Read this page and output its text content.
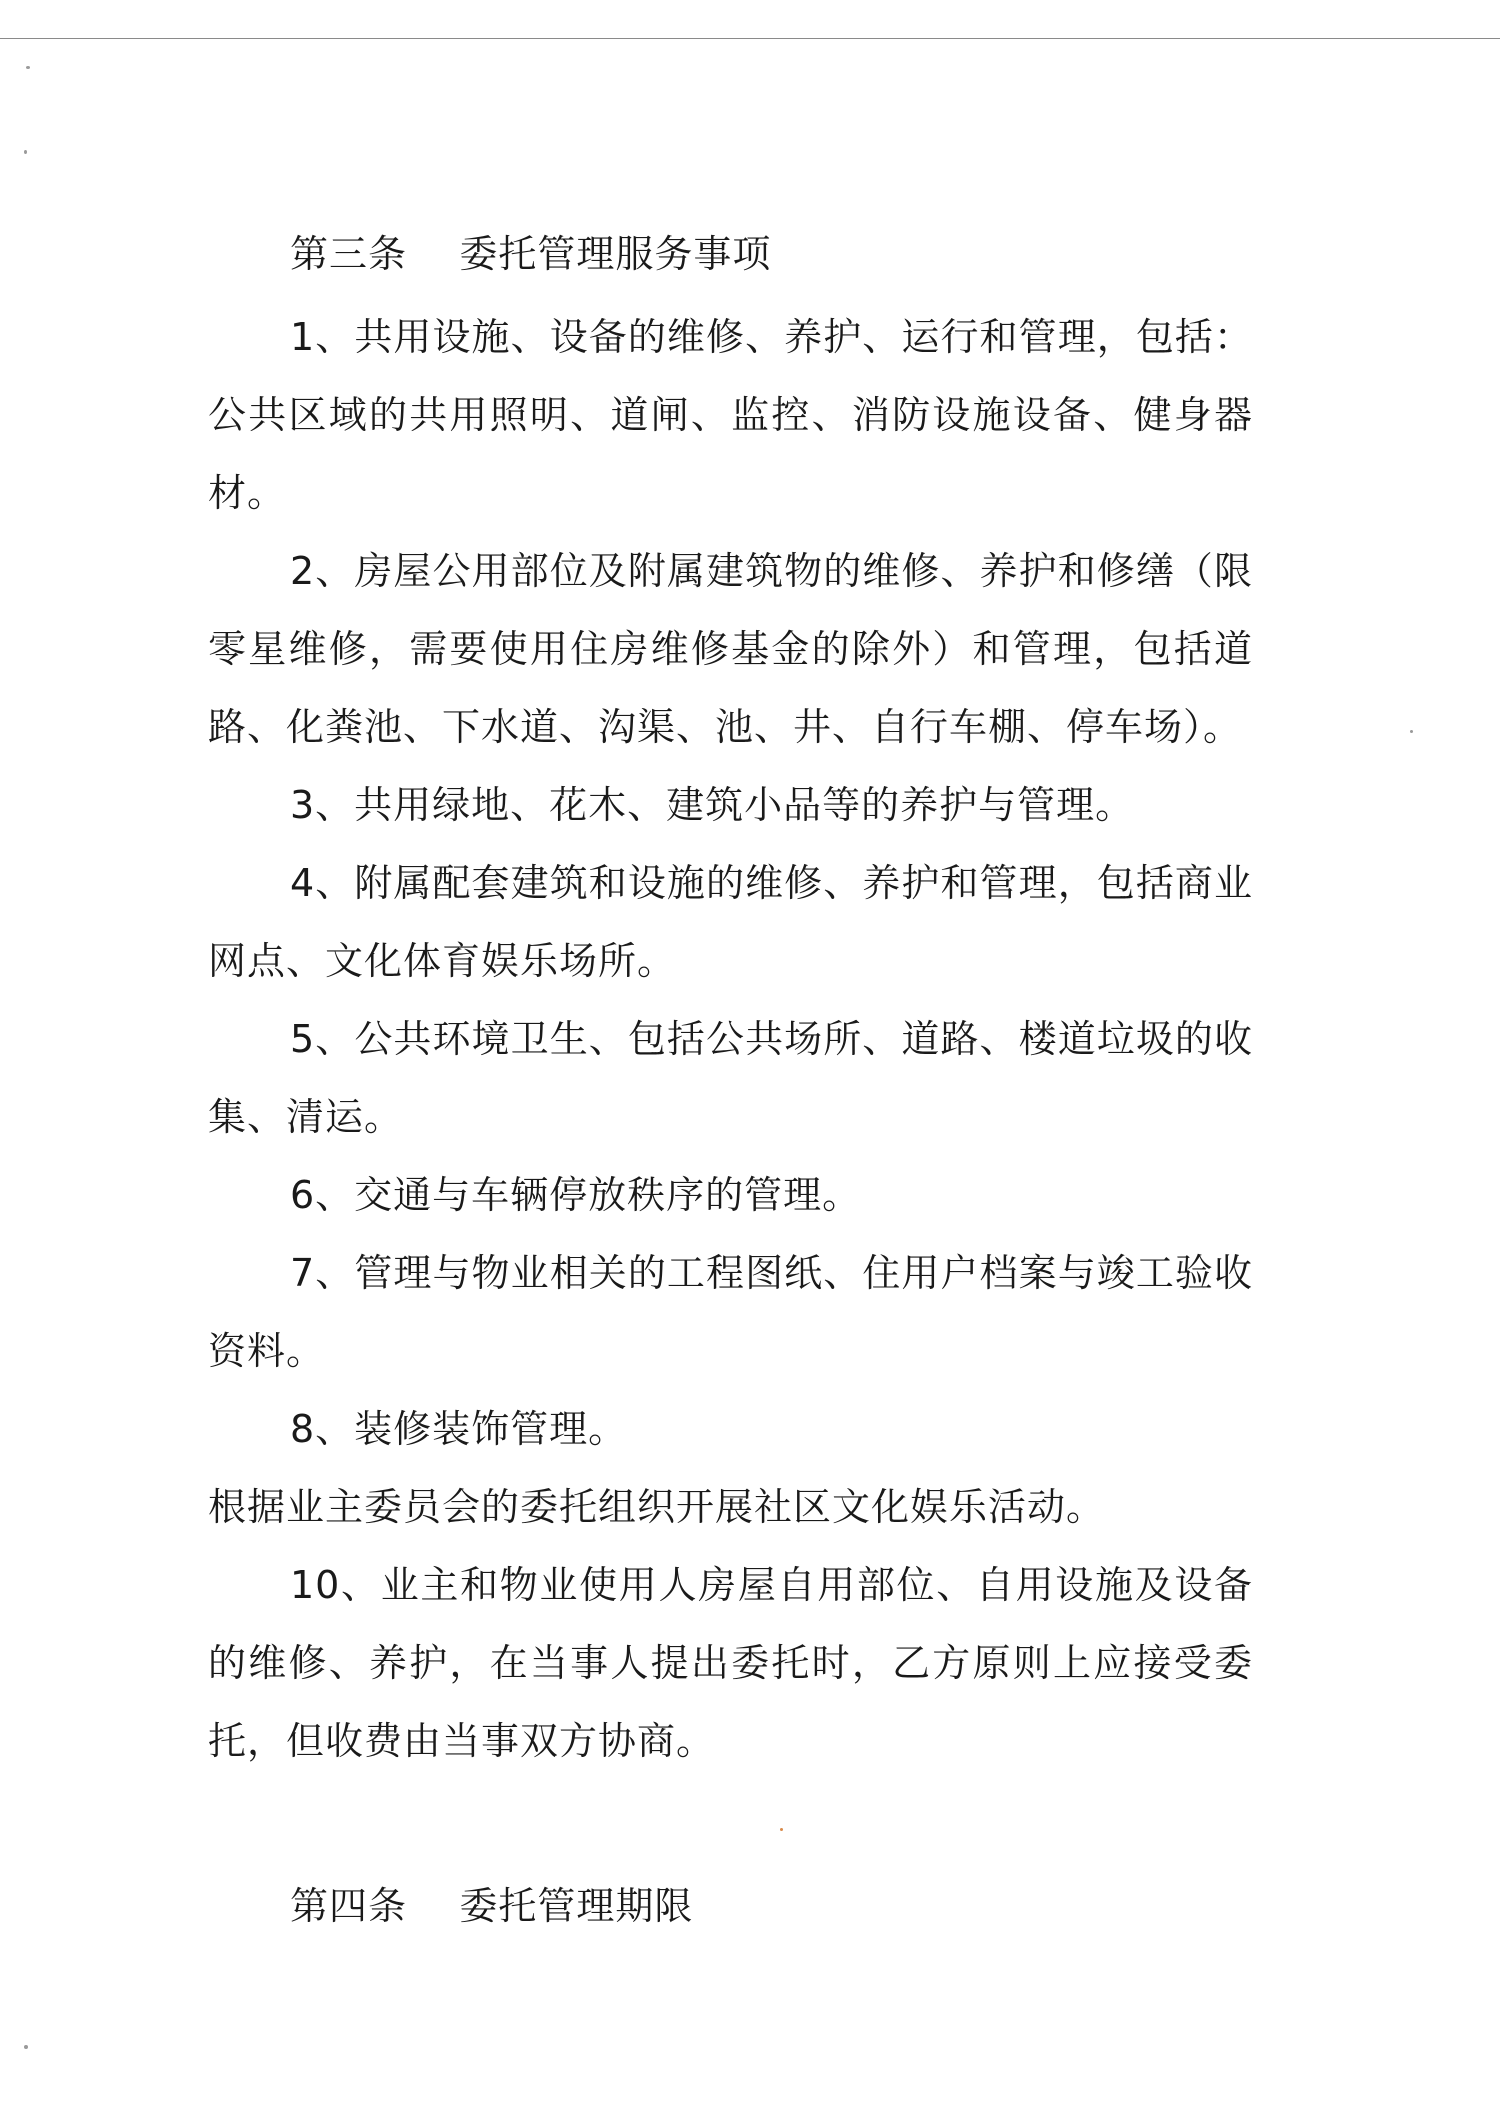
第三条    委托管理服务事项

1、共用设施、设备的维修、养护、运行和管理，包括：公共区域的共用照明、道闸、监控、消防设施设备、健身器材。

2、房屋公用部位及附属建筑物的维修、养护和修缮（限零星维修，需要使用住房维修基金的除外）和管理，包括道路、化粪池、下水道、沟渠、池、井、自行车棚、停车场）。

3、共用绿地、花木、建筑小品等的养护与管理。

4、附属配套建筑和设施的维修、养护和管理，包括商业网点、文化体育娱乐场所。

5、公共环境卫生、包括公共场所、道路、楼道垃圾的收集、清运。

6、交通与车辆停放秩序的管理。

7、管理与物业相关的工程图纸、住用户档案与竣工验收资料。

8、装修装饰管理。

根据业主委员会的委托组织开展社区文化娱乐活动。

10、业主和物业使用人房屋自用部位、自用设施及设备的维修、养护，在当事人提出委托时，乙方原则上应接受委托，但收费由当事双方协商。

第四条    委托管理期限
